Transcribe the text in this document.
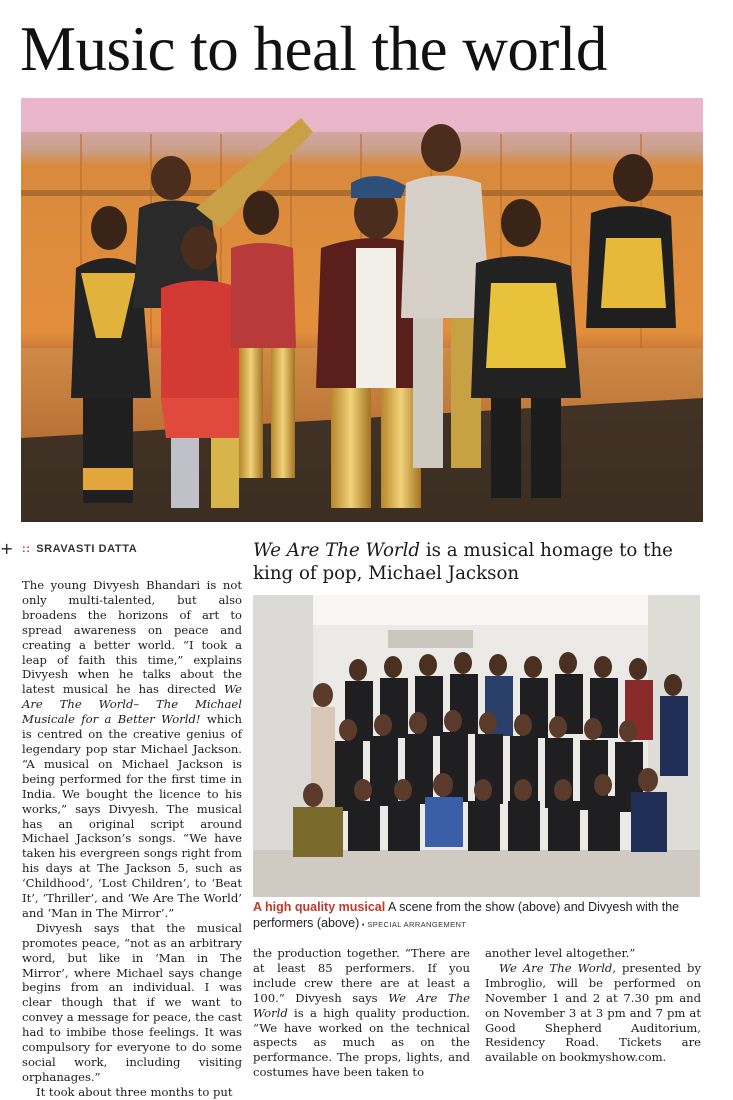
Music to heal the world
+ :: SRAVASTI DATTA	We Are The World is a musical homage to the king of pop, Michael Jackson
A high quality musical A scene from the show (above) and Divyesh with the performers (above) ▪ SPECIAL ARRANGEMENT

The young Divyesh Bhandari is not only multi-talented, but also broadens the horizons of art to spread awareness on peace and creating a better world. “I took a leap of faith this time,” explains Divyesh when he talks about the latest musical he has directed We Are The World– The Michael Musicale for a Better World! which is centred on the creative genius of legendary pop star Michael Jackson. “A musical on Michael Jackson is being performed for the first time in India. We bought the licence to his works,” says Divyesh. The musical has an original script around Michael Jackson’s songs. “We have taken his evergreen songs right from his days at The Jackson 5, such as ‘Childhood’, ‘Lost Children’, to ‘Beat It’, ‘Thriller’, and ‘We Are The World’ and ‘Man in The Mirror’.”

Divyesh says that the musical promotes peace, “not as an arbitrary word, but like in ‘Man in The Mirror’, where Michael says change begins from an individual. I was clear though that if we want to convey a message for peace, the cast had to imbibe those feelings. It was compulsory for everyone to do some social work, including visiting orphanages.”

It took about three months to put

the production together. “There are at least 85 performers. If you include crew there are at least a 100.” Divyesh says We Are The World is a high quality production. “We have worked on the technical aspects as much as on the performance. The props, lights, and costumes have been taken to

another level altogether.”

We Are The World, presented by Imbroglio, will be performed on November 1 and 2 at 7.30 pm and on November 3 at 3 pm and 7 pm at Good Shepherd Auditorium, Residency Road. Tickets are available on bookmyshow.com.
